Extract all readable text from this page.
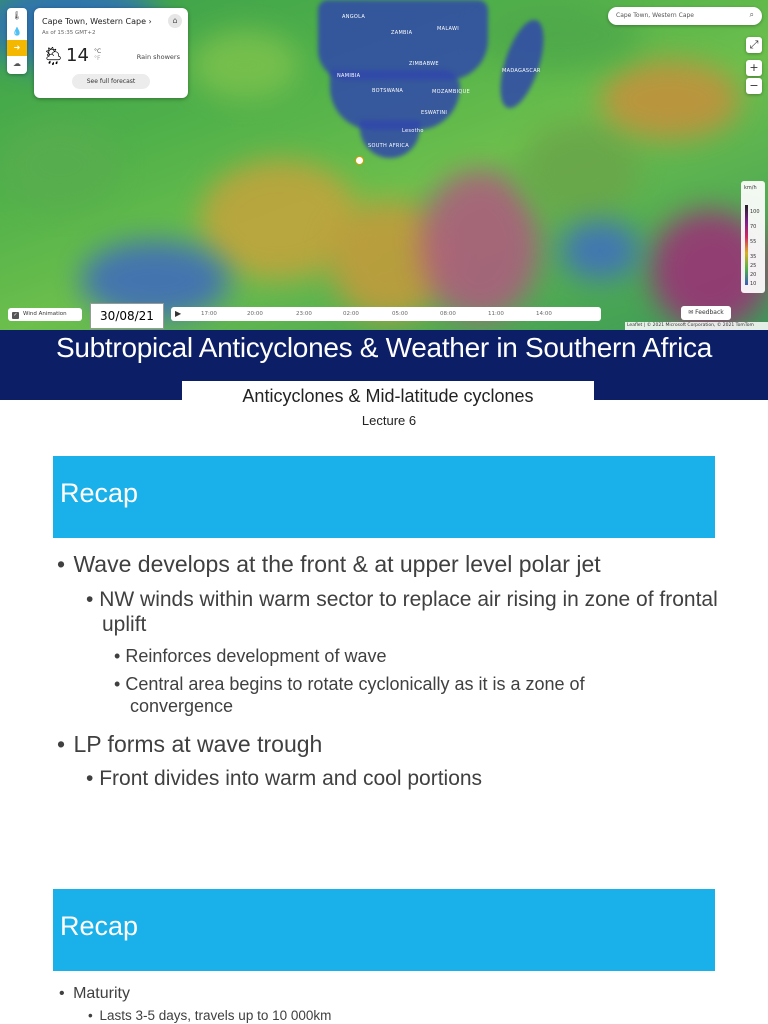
ANGOLA
ZAMBIA
MALAWI
NAMIBIA
ZIMBABWE
BOTSWANA	MOZAMBIQUE
MADAGASCAR
ESWATINI
Lesotho
SOUTH AFRICA
🌡
💧
➜
☁
Cape Town, Western Cape ›	⌂
As of 15:35 GMT+2
🌦 14 °C
°F	Rain showers
See full forecast
Cape Town, Western Cape	⌕
⤢
+
−
km/h
100
70
55
35
25
20
10
✓ Wind Animation	30/08/21	▶	17:00	20:00	23:00	02:00	05:00	08:00	11:00	14:00	✉ Feedback
Leaflet | © 2021 Microsoft Corporation, © 2021 TomTom
Subtropical Anticyclones & Weather in Southern Africa
Anticyclones & Mid-latitude cyclones
Lecture 6
Recap
• Wave develops at the front & at upper level polar jet
• NW winds within warm sector to replace air rising in zone of frontal uplift
• Reinforces development of wave
• Central area begins to rotate cyclonically as it is a zone of convergence
• LP forms at wave trough
• Front divides into warm and cool portions
Recap
• Maturity
• Lasts 3-5 days, travels up to 10 000km
